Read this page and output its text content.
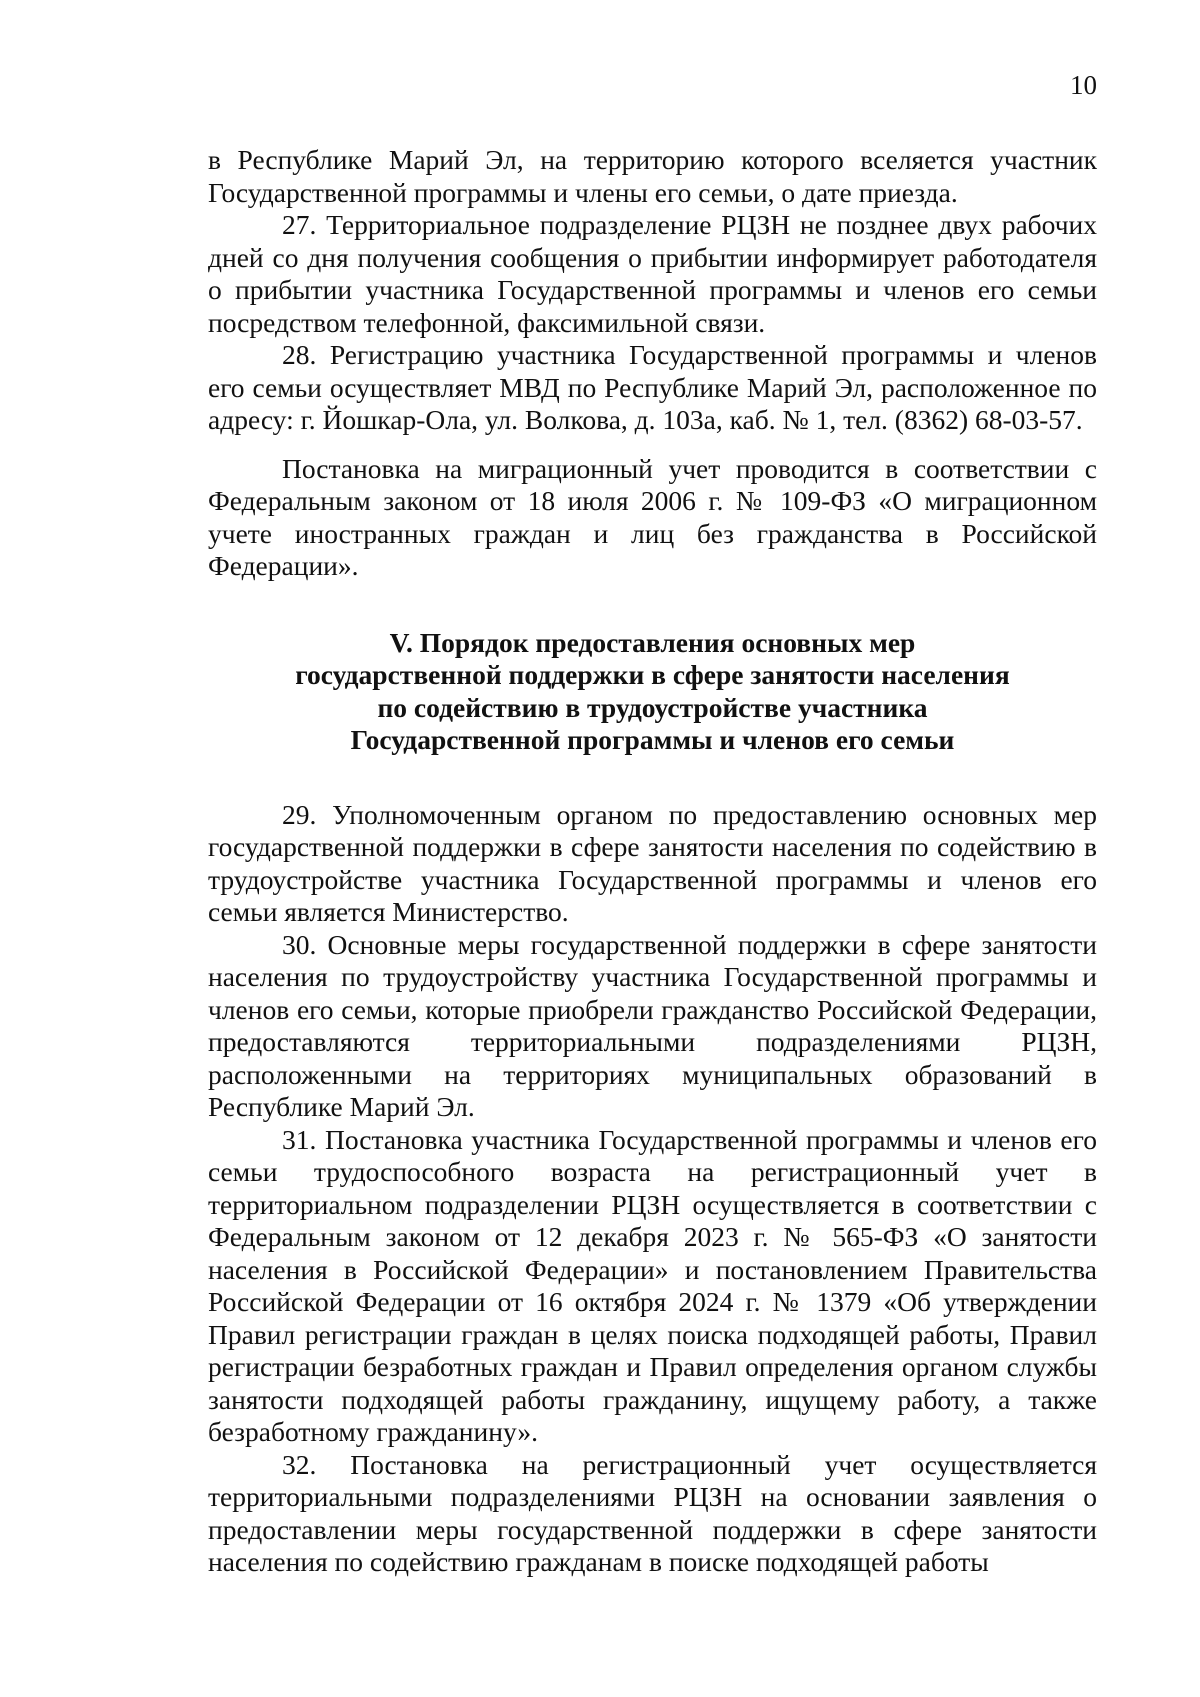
10

в Республике Марий Эл, на территорию которого вселяется участник Государственной программы и члены его семьи, о дате приезда.

27. Территориальное подразделение РЦЗН не позднее двух рабочих дней со дня получения сообщения о прибытии информирует работодателя о прибытии участника Государственной программы и членов его семьи посредством телефонной, факсимильной связи.

28. Регистрацию участника Государственной программы и членов его семьи осуществляет МВД по Республике Марий Эл, расположенное по адресу: г. Йошкар-Ола, ул. Волкова, д. 103а, каб. № 1, тел. (8362) 68-03-57.

Постановка на миграционный учет проводится в соответствии с Федеральным законом от 18 июля 2006 г. № 109-ФЗ «О миграционном учете иностранных граждан и лиц без гражданства в Российской Федерации».

V. Порядок предоставления основных мер
государственной поддержки в сфере занятости населения
по содействию в трудоустройстве участника
Государственной программы и членов его семьи

29. Уполномоченным органом по предоставлению основных мер государственной поддержки в сфере занятости населения по содействию в трудоустройстве участника Государственной программы и членов его семьи является Министерство.

30. Основные меры государственной поддержки в сфере занятости населения по трудоустройству участника Государственной программы и членов его семьи, которые приобрели гражданство Российской Федерации, предоставляются территориальными подразделениями РЦЗН, расположенными на территориях муниципальных образований в Республике Марий Эл.

31. Постановка участника Государственной программы и членов его семьи трудоспособного возраста на регистрационный учет в территориальном подразделении РЦЗН осуществляется в соответствии с Федеральным законом от 12 декабря 2023 г. № 565-ФЗ «О занятости населения в Российской Федерации» и постановлением Правительства Российской Федерации от 16 октября 2024 г. № 1379 «Об утверждении Правил регистрации граждан в целях поиска подходящей работы, Правил регистрации безработных граждан и Правил определения органом службы занятости подходящей работы гражданину, ищущему работу, а также безработному гражданину».

32. Постановка на регистрационный учет осуществляется территориальными подразделениями РЦЗН на основании заявления о предоставлении меры государственной поддержки в сфере занятости населения по содействию гражданам в поиске подходящей работы
